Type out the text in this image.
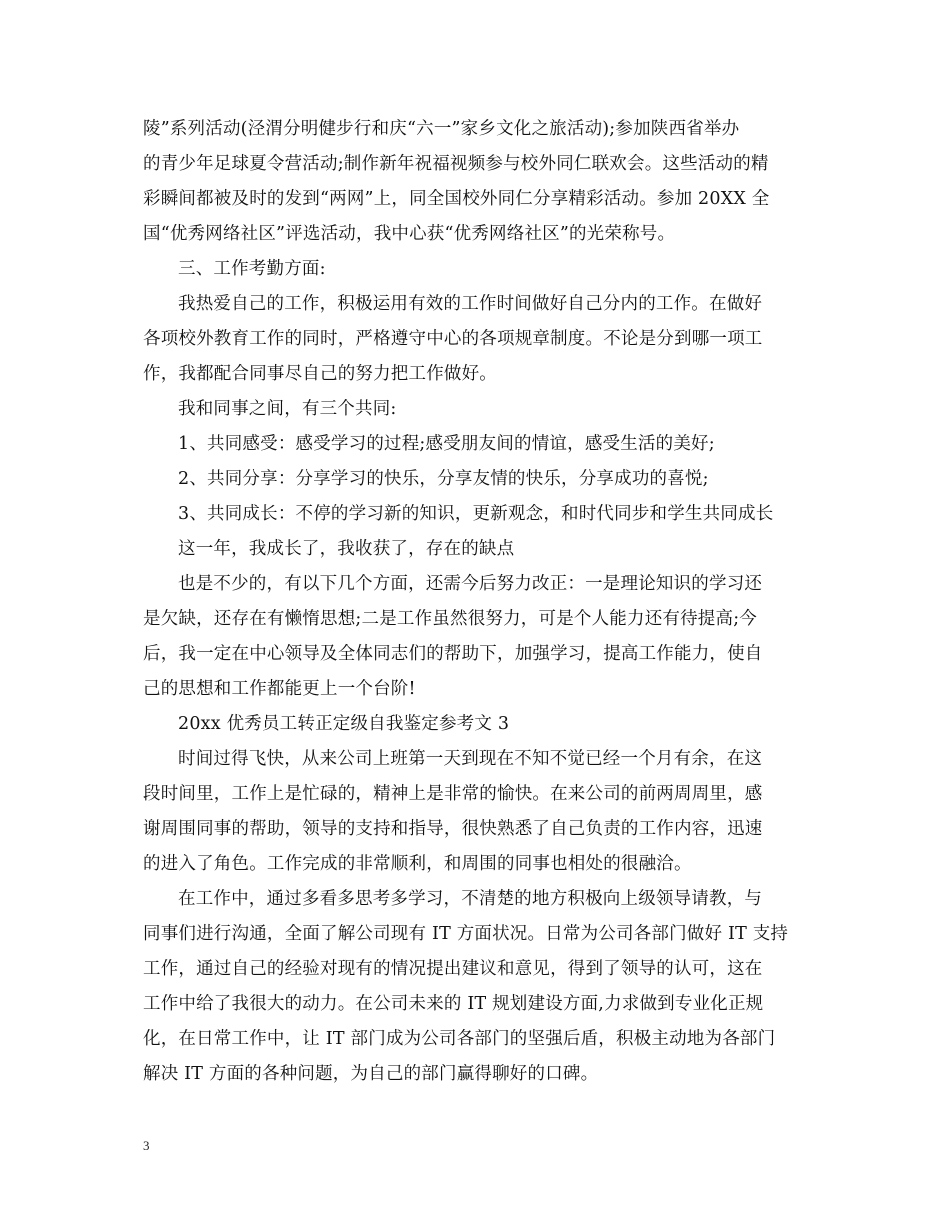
陵”系列活动(泾渭分明健步行和庆“六一”家乡文化之旅活动);参加陕西省举办
的青少年足球夏令营活动;制作新年祝福视频参与校外同仁联欢会。这些活动的精
彩瞬间都被及时的发到“两网”上，同全国校外同仁分享精彩活动。参加 20XX 全
国“优秀网络社区”评选活动，我中心获“优秀网络社区”的光荣称号。
三、工作考勤方面:
我热爱自己的工作，积极运用有效的工作时间做好自己分内的工作。在做好
各项校外教育工作的同时，严格遵守中心的各项规章制度。不论是分到哪一项工
作，我都配合同事尽自己的努力把工作做好。
我和同事之间，有三个共同:
1、共同感受：感受学习的过程;感受朋友间的情谊，感受生活的美好;
2、共同分享：分享学习的快乐，分享友情的快乐，分享成功的喜悦;
3、共同成长：不停的学习新的知识，更新观念，和时代同步和学生共同成长
这一年，我成长了，我收获了，存在的缺点
也是不少的，有以下几个方面，还需今后努力改正：一是理论知识的学习还
是欠缺，还存在有懒惰思想;二是工作虽然很努力，可是个人能力还有待提高;今
后，我一定在中心领导及全体同志们的帮助下，加强学习，提高工作能力，使自
己的思想和工作都能更上一个台阶!
20xx 优秀员工转正定级自我鉴定参考文 3
时间过得飞快，从来公司上班第一天到现在不知不觉已经一个月有余，在这
段时间里，工作上是忙碌的，精神上是非常的愉快。在来公司的前两周周里，感
谢周围同事的帮助，领导的支持和指导，很快熟悉了自己负责的工作内容，迅速
的进入了角色。工作完成的非常顺利，和周围的同事也相处的很融洽。
在工作中，通过多看多思考多学习，不清楚的地方积极向上级领导请教，与
同事们进行沟通，全面了解公司现有 IT 方面状况。日常为公司各部门做好 IT 支持
工作，通过自己的经验对现有的情况提出建议和意见，得到了领导的认可，这在
工作中给了我很大的动力。在公司未来的 IT 规划建设方面,力求做到专业化正规
化，在日常工作中，让 IT 部门成为公司各部门的坚强后盾，积极主动地为各部门
解决 IT 方面的各种问题，为自己的部门赢得聊好的口碑。
3
